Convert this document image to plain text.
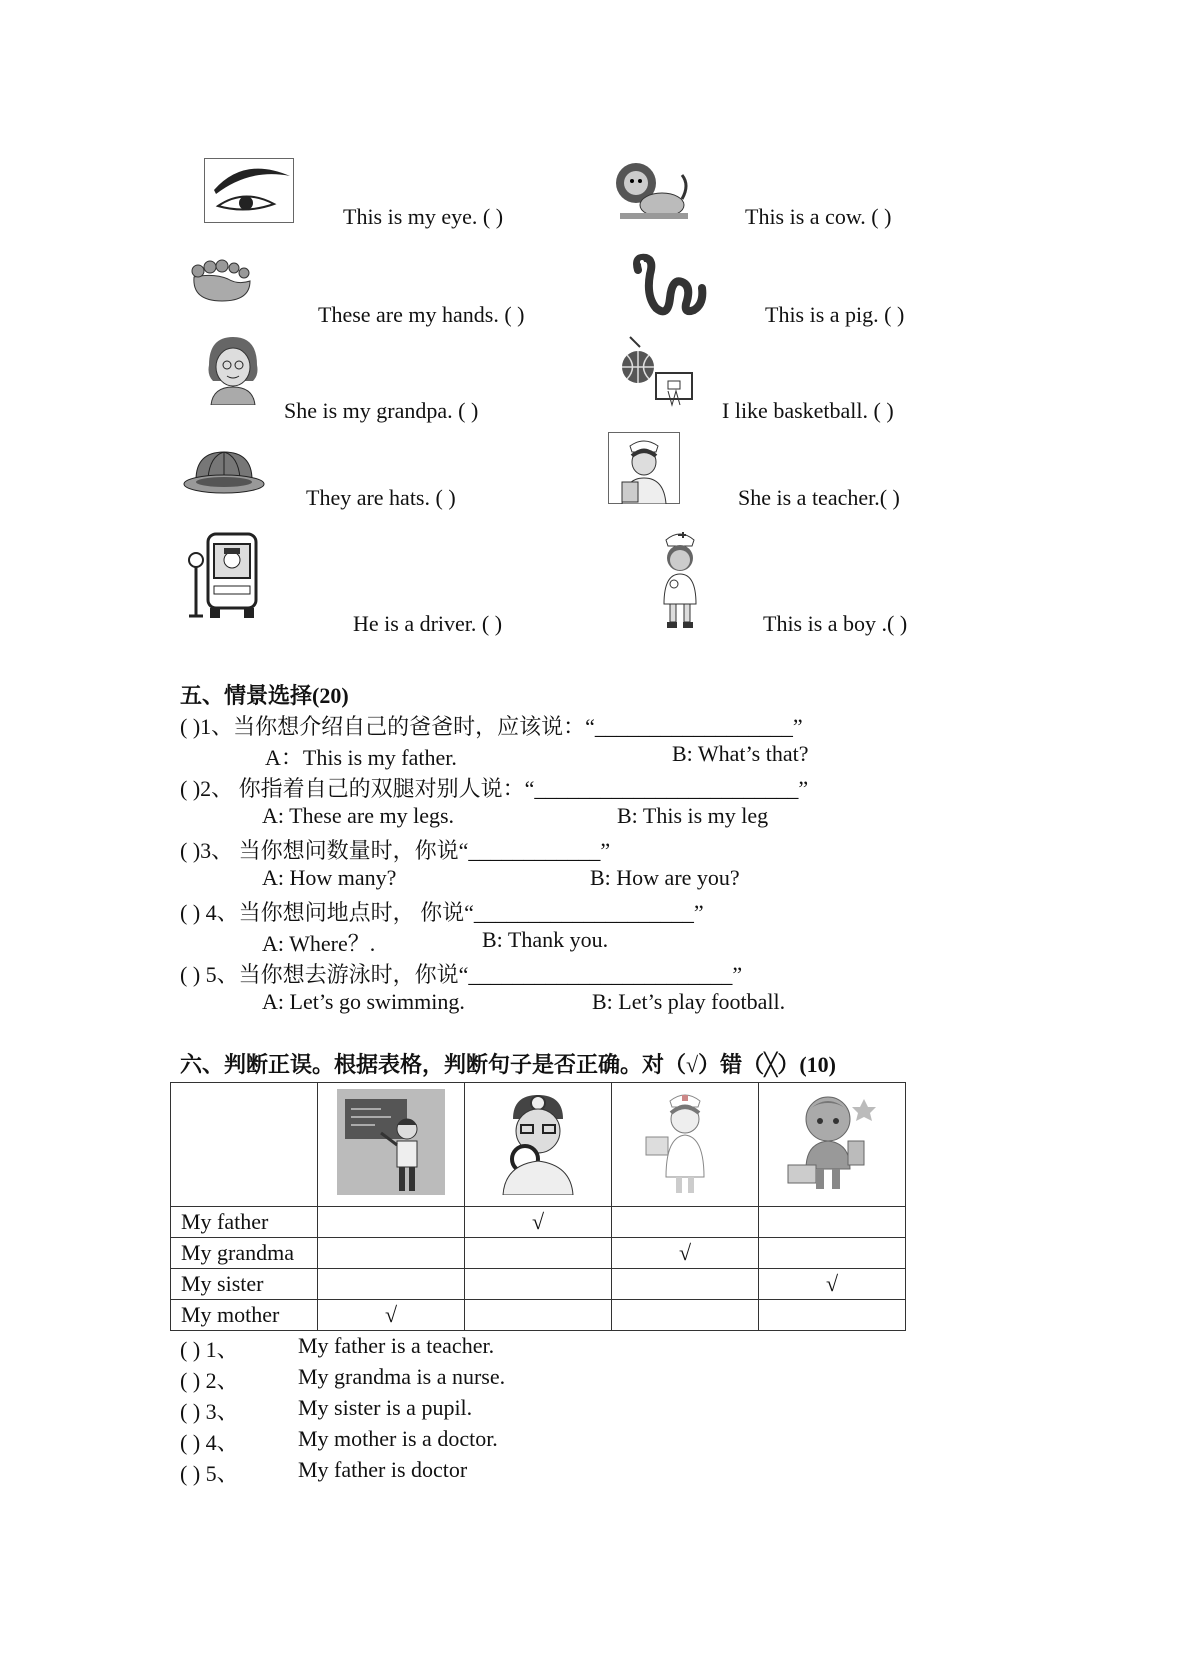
This is my eye. ( )	This is a cow. ( )
These are my hands. ( )	This is a pig. ( )
She is my grandpa. ( )	I like basketball. ( )
They are hats. ( )	She is a teacher.( )
He is a driver. ( )	This is a boy .( )
五、情景选择(20)
( )1、当你想介绍自己的爸爸时，应该说：“__________________”
A：This is my father.	B: What’s that?
( )2、 你指着自己的双腿对别人说：“________________________”
A: These are my legs.	B: This is my leg
( )3、 当你想问数量时，你说“____________”
A: How many?	B: How are you?
( ) 4、当你想问地点时， 你说“____________________”
A: Where？.	B: Thank you.
( ) 5、当你想去游泳时，你说“________________________”
A: Let’s go swimming.	B: Let’s play football.
六、判断正误。根据表格，判断句子是否正确。对（√）错（╳）(10)

My father		√		
My grandma			√	
My sister				√
My mother	√			
( ) 1、	My father is a teacher.
( ) 2、	My grandma is a nurse.
( ) 3、	My sister is a pupil.
( ) 4、	My mother is a doctor.
( ) 5、	My father is doctor
